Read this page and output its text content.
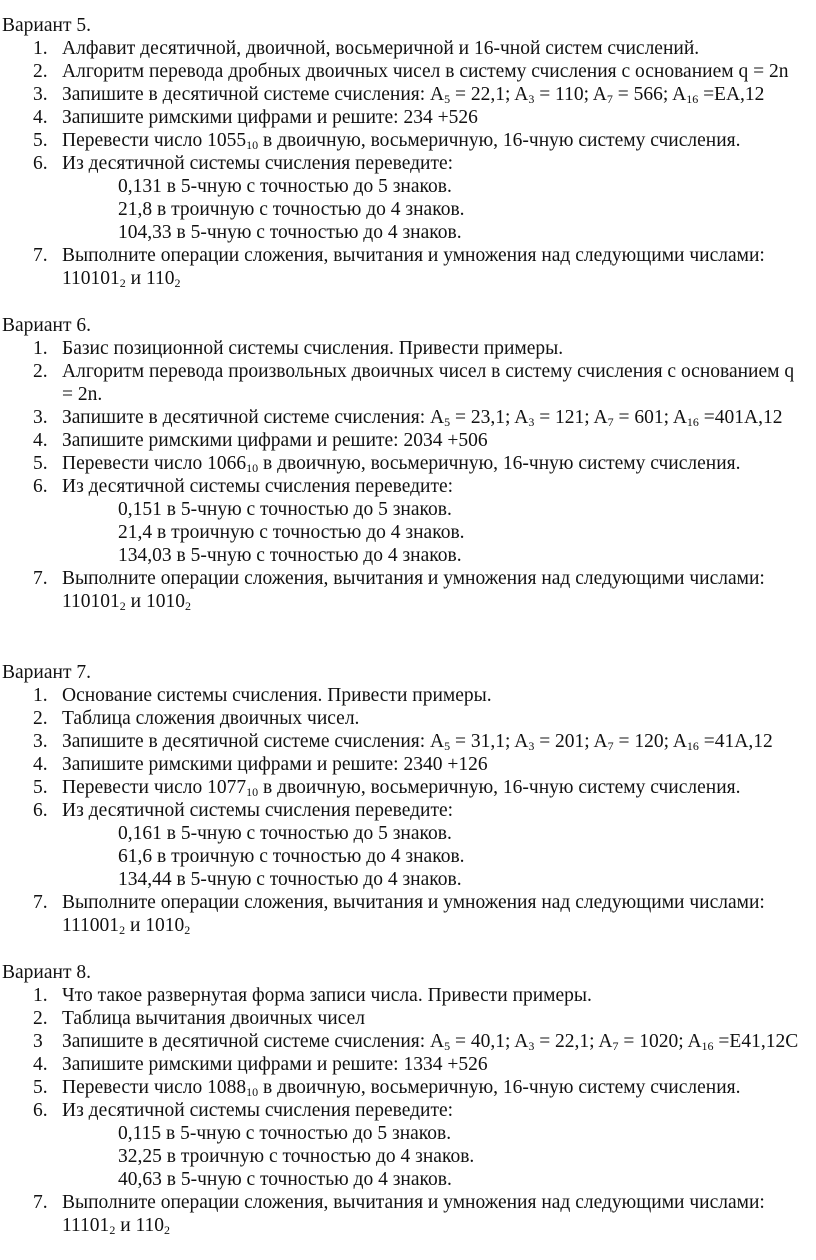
Вариант 5.
1. Алфавит десятичной, двоичной, восьмеричной и 16-чной систем счислений.
2. Алгоритм перевода дробных двоичных чисел в систему счисления с основанием q = 2n
3. Запишите в десятичной системе счисления: $A_5 = 22,1$; $A_3 = 110$; $A_7 = 566$; $A_{16} =EA,12$
4. Запишите римскими цифрами и решите: 234 +526
5. Перевести число $1055_{10}$ в двоичную, восьмеричную, 16-чную систему счисления.
6. Из десятичной системы счисления переведите:
0,131 в 5-чную с точностью до 5 знаков.
21,8 в троичную с точностью до 4 знаков.
104,33 в 5-чную с точностью до 4 знаков.
7. Выполните операции сложения, вычитания и умножения над следующими числами: $110101_2$ и $110_2$
Вариант 6.
1. Базис позиционной системы счисления. Привести примеры.
2. Алгоритм перевода произвольных двоичных чисел в систему счисления с основанием q = 2n.
3. Запишите в десятичной системе счисления: $A_5 = 23,1$; $A_3 = 121$; $A_7 = 601$; $A_{16} =401A,12$
4. Запишите римскими цифрами и решите: 2034 +506
5. Перевести число $1066_{10}$ в двоичную, восьмеричную, 16-чную систему счисления.
6. Из десятичной системы счисления переведите:
0,151 в 5-чную с точностью до 5 знаков.
21,4 в троичную с точностью до 4 знаков.
134,03 в 5-чную с точностью до 4 знаков.
7. Выполните операции сложения, вычитания и умножения над следующими числами: $110101_2$ и $1010_2$
Вариант 7.
1. Основание системы счисления. Привести примеры.
2. Таблица сложения двоичных чисел.
3. Запишите в десятичной системе счисления: $A_5 = 31,1$; $A_3 = 201$; $A_7 = 120$; $A_{16} =41A,12$
4. Запишите римскими цифрами и решите: 2340 +126
5. Перевести число $1077_{10}$ в двоичную, восьмеричную, 16-чную систему счисления.
6. Из десятичной системы счисления переведите:
0,161 в 5-чную с точностью до 5 знаков.
61,6 в троичную с точностью до 4 знаков.
134,44 в 5-чную с точностью до 4 знаков.
7. Выполните операции сложения, вычитания и умножения над следующими числами: $111001_2$ и $1010_2$
Вариант 8.
1. Что такое развернутая форма записи числа. Привести примеры.
2. Таблица вычитания двоичных чисел
3 Запишите в десятичной системе счисления: $A_5 = 40,1$; $A_3 = 22,1$; $A_7 = 1020$; $A_{16} =E41,12C$
4. Запишите римскими цифрами и решите: 1334 +526
5. Перевести число $1088_{10}$ в двоичную, восьмеричную, 16-чную систему счисления.
6. Из десятичной системы счисления переведите:
0,115 в 5-чную с точностью до 5 знаков.
32,25 в троичную с точностью до 4 знаков.
40,63 в 5-чную с точностью до 4 знаков.
7. Выполните операции сложения, вычитания и умножения над следующими числами: $11101_2$ и $110_2$
